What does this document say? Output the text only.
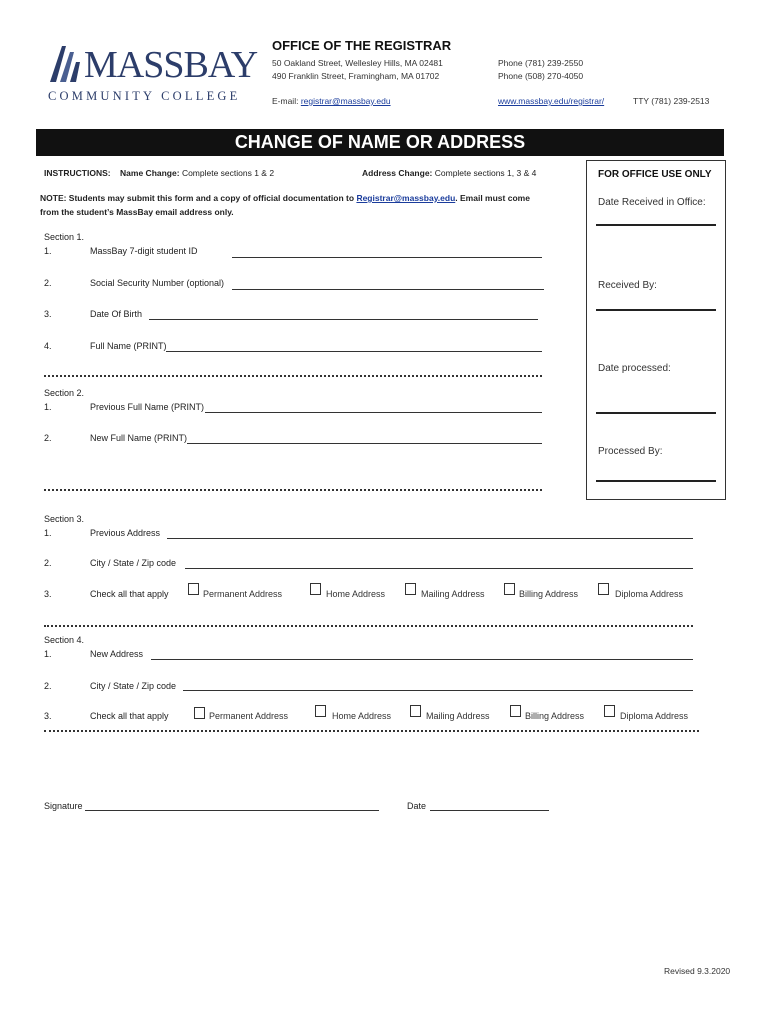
MASSBAY
COMMUNITY COLLEGE
OFFICE OF THE REGISTRAR
50 Oakland Street, Wellesley Hills, MA 02481
490 Franklin Street, Framingham, MA 01702
Phone (781) 239-2550
Phone (508) 270-4050
E-mail: registrar@massbay.edu	www.massbay.edu/registrar/	TTY (781) 239-2513
CHANGE OF NAME OR ADDRESS
INSTRUCTIONS: Name Change: Complete sections 1 & 2	Address Change: Complete sections 1, 3 & 4
NOTE: Students may submit this form and a copy of official documentation to Registrar@massbay.edu. Email must come
from the student’s MassBay email address only.
FOR OFFICE USE ONLY
Date Received in Office:
Received By:
Date processed:
Processed By:
Section 1.
1.	MassBay 7-digit student ID
2.	Social Security Number (optional)
3.	Date Of Birth
4.	Full Name (PRINT)
Section 2.
1.	Previous Full Name (PRINT)
2.	New Full Name (PRINT)
Section 3.
1.	Previous Address
2.	City / State / Zip code
3.	Check all that apply	Permanent Address	Home Address	Mailing Address	Billing Address	Diploma Address
Section 4.
1.	New Address
2.	City / State / Zip code
3.	Check all that apply	Permanent Address	Home Address	Mailing Address	Billing Address	Diploma Address
Signature	Date
Revised 9.3.2020
